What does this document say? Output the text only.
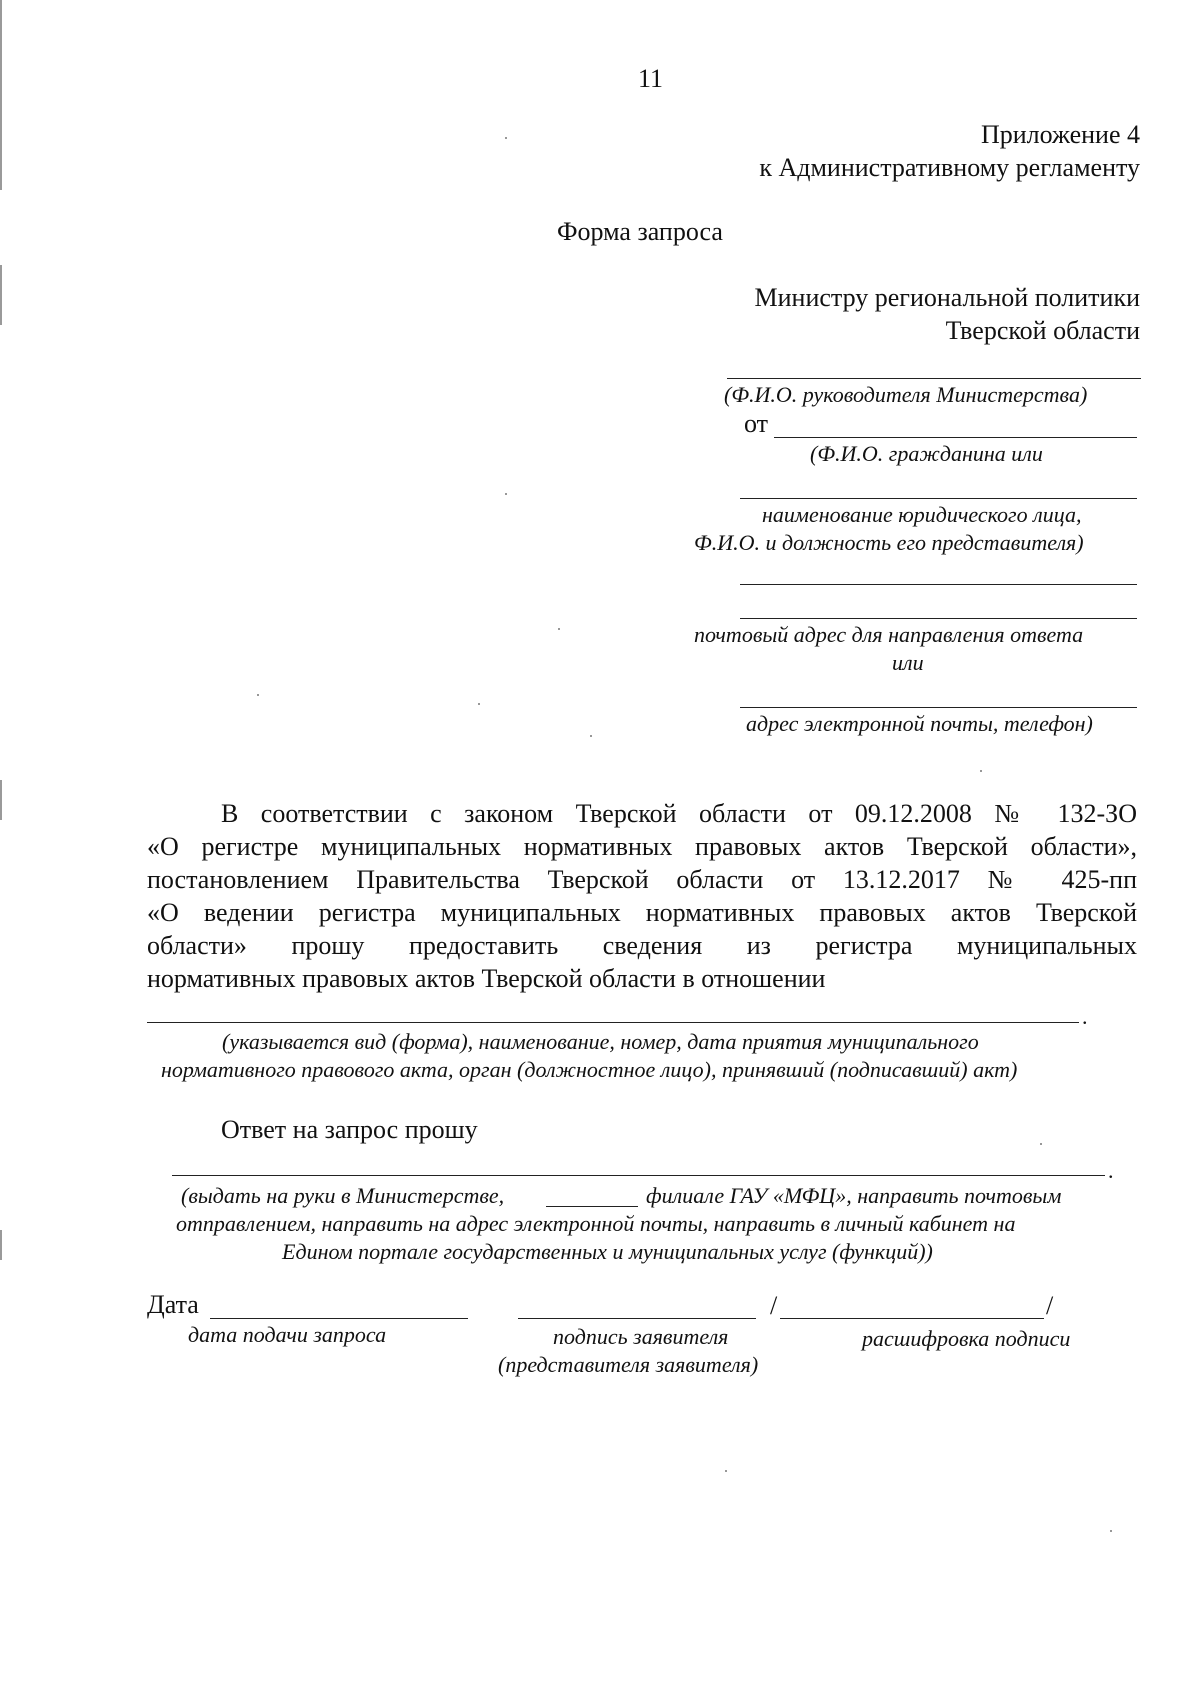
11
Приложение 4
к Административному регламенту
Форма запроса
Министру региональной политики
Тверской области
(Ф.И.О. руководителя Министерства)
от
(Ф.И.О. гражданина или
наименование юридического лица,
Ф.И.О. и должность его представителя)
почтовый адрес для направления ответа
или
адрес электронной почты, телефон)
В соответствии с законом Тверской области от 09.12.2008 № 132-ЗО
«О регистре муниципальных нормативных правовых актов Тверской области»,
постановлением Правительства Тверской области от 13.12.2017 № 425-пп
«О ведении регистра муниципальных нормативных правовых актов Тверской
области» прошу предоставить сведения из регистра муниципальных
нормативных правовых актов Тверской области в отношении
.
(указывается вид (форма), наименование, номер, дата приятия муниципального
нормативного правового акта, орган (должностное лицо), принявший (подписавший) акт)
Ответ на запрос прошу
.
(выдать на руки в Министерстве,	филиале ГАУ «МФЦ», направить почтовым
отправлением, направить на адрес электронной почты, направить в личный кабинет на
Едином портале государственных и муниципальных услуг (функций))
Дата
дата подачи запроса
/	/
подпись заявителя
(представителя заявителя)
расшифровка подписи
